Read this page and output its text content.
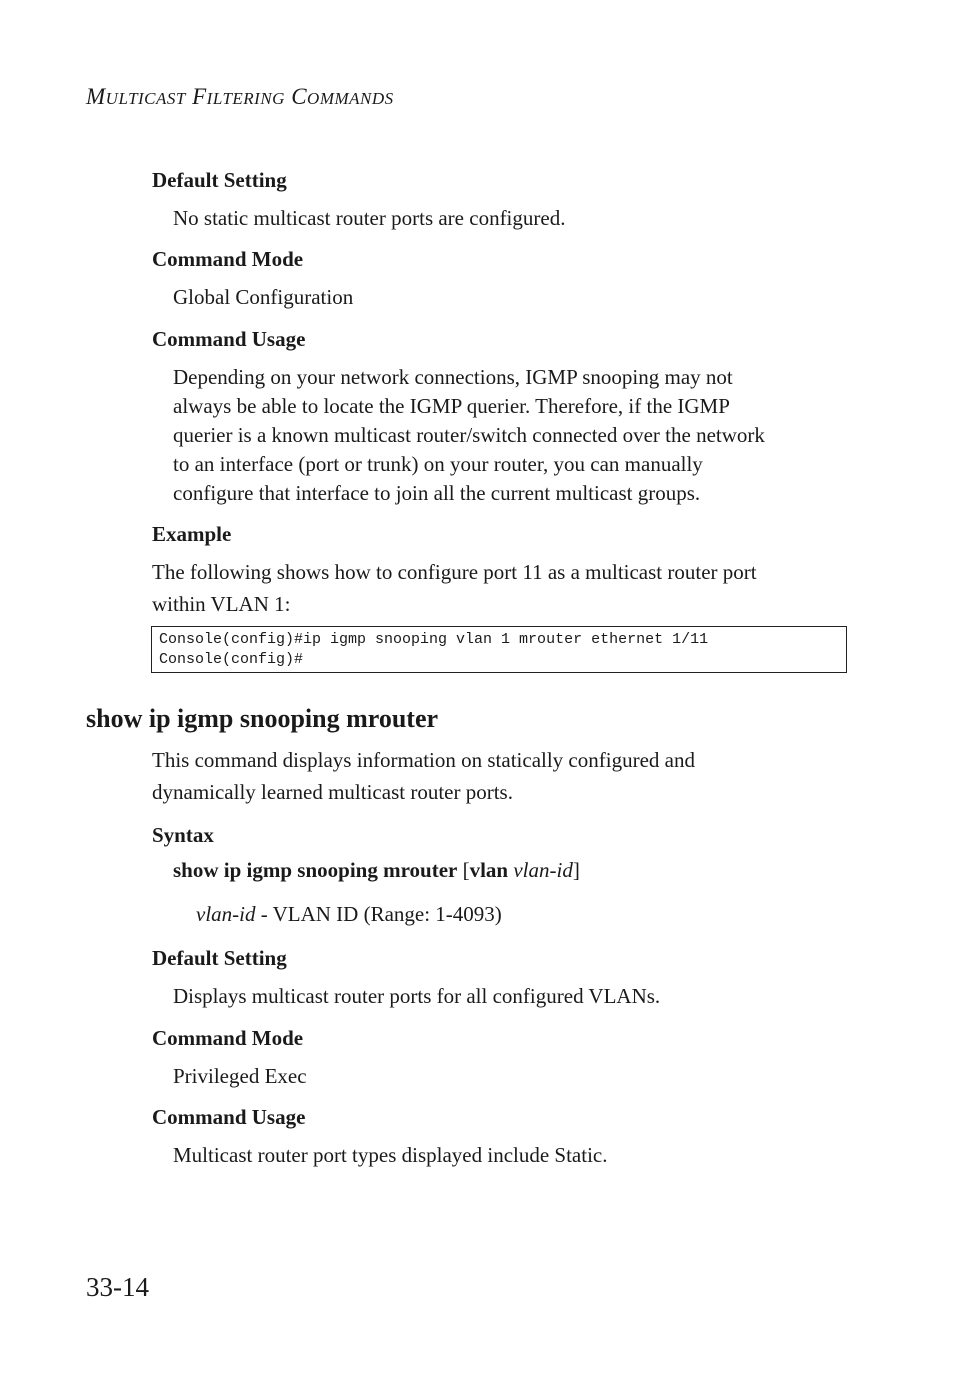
MULTICAST FILTERING COMMANDS
Default Setting
No static multicast router ports are configured.
Command Mode
Global Configuration
Command Usage
Depending on your network connections, IGMP snooping may not
always be able to locate the IGMP querier. Therefore, if the IGMP
querier is a known multicast router/switch connected over the network
to an interface (port or trunk) on your router, you can manually
configure that interface to join all the current multicast groups.
Example
The following shows how to configure port 11 as a multicast router port
within VLAN 1:
Console(config)#ip igmp snooping vlan 1 mrouter ethernet 1/11
Console(config)#
show ip igmp snooping mrouter
This command displays information on statically configured and
dynamically learned multicast router ports.
Syntax
show ip igmp snooping mrouter [vlan vlan-id]
vlan-id - VLAN ID (Range: 1-4093)
Default Setting
Displays multicast router ports for all configured VLANs.
Command Mode
Privileged Exec
Command Usage
Multicast router port types displayed include Static.
33-14
